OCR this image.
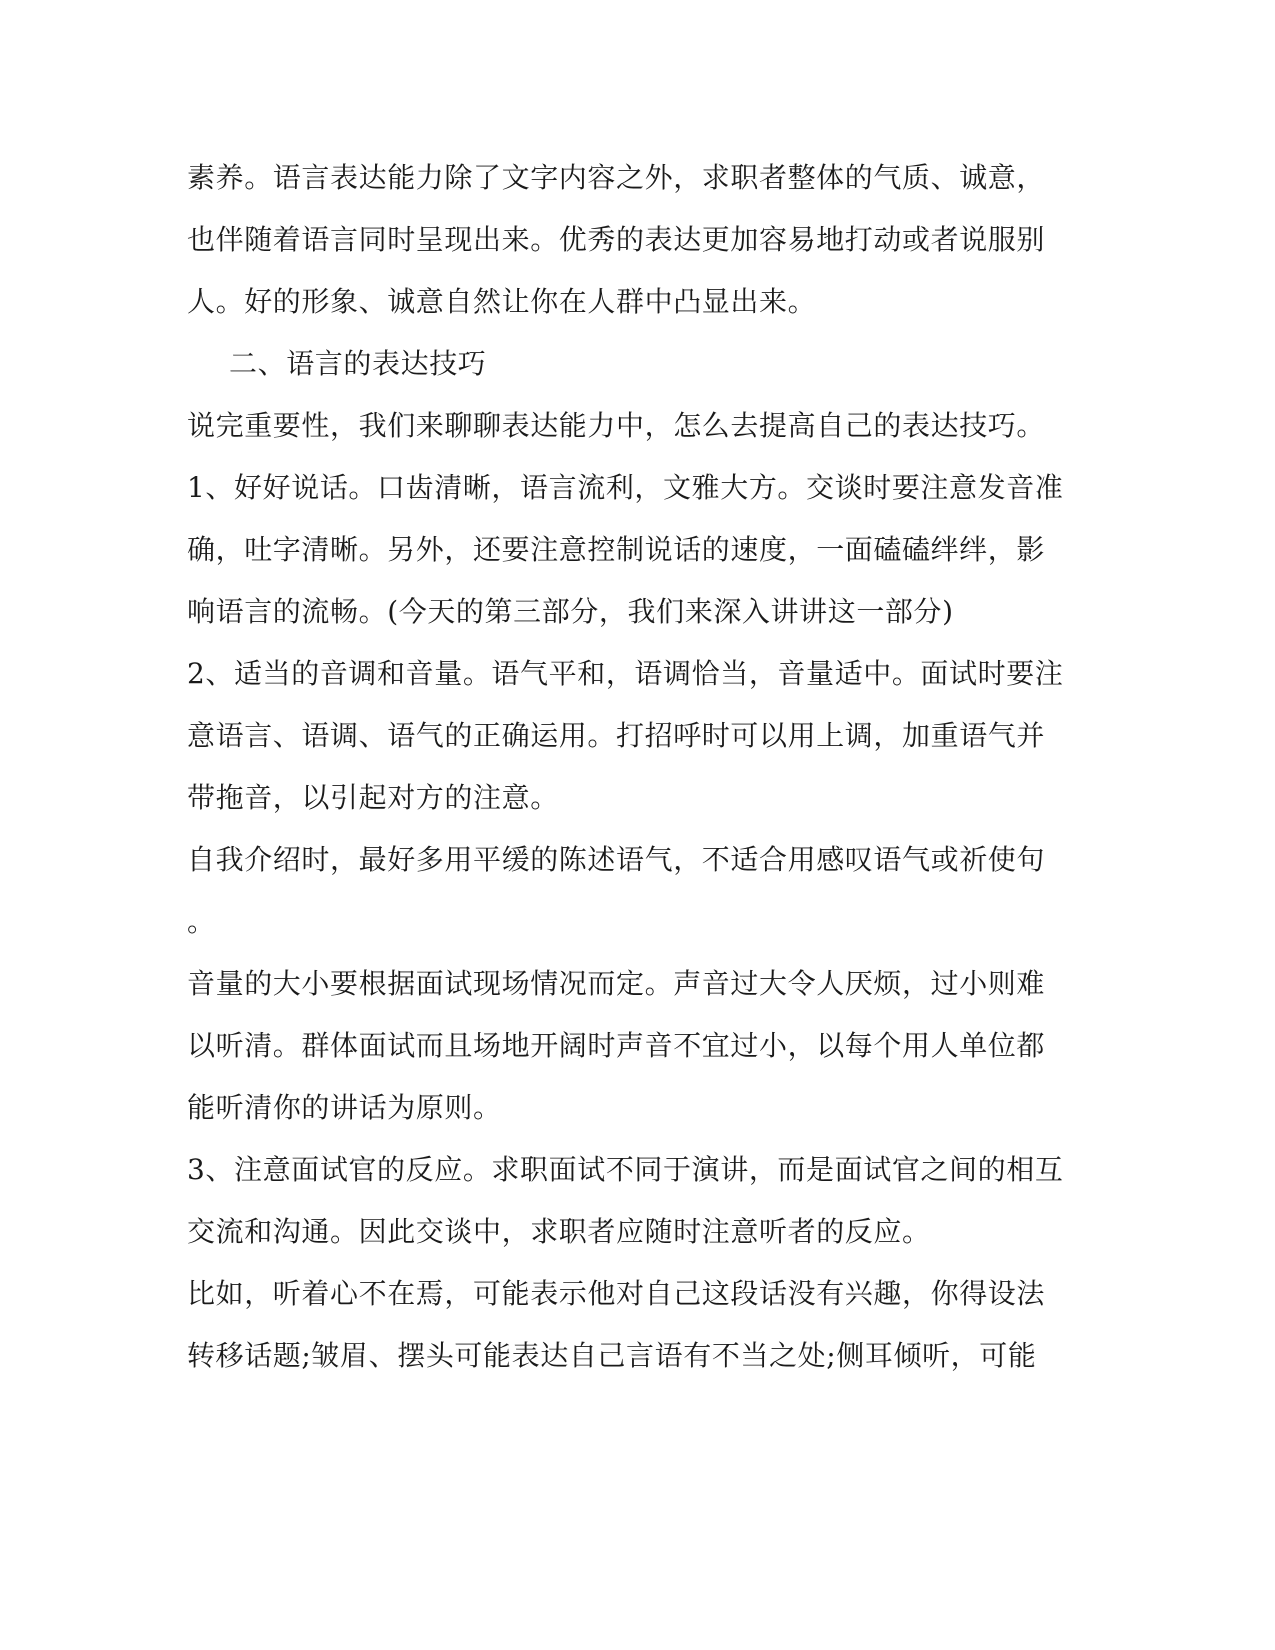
素养。语言表达能力除了文字内容之外，求职者整体的气质、诚意，
也伴随着语言同时呈现出来。优秀的表达更加容易地打动或者说服别
人。好的形象、诚意自然让你在人群中凸显出来。
二、语言的表达技巧
说完重要性，我们来聊聊表达能力中，怎么去提高自己的表达技巧。
1、好好说话。口齿清晰，语言流利，文雅大方。交谈时要注意发音准
确，吐字清晰。另外，还要注意控制说话的速度，一面磕磕绊绊，影
响语言的流畅。(今天的第三部分，我们来深入讲讲这一部分)
2、适当的音调和音量。语气平和，语调恰当，音量适中。面试时要注
意语言、语调、语气的正确运用。打招呼时可以用上调，加重语气并
带拖音，以引起对方的注意。
自我介绍时，最好多用平缓的陈述语气，不适合用感叹语气或祈使句
。
音量的大小要根据面试现场情况而定。声音过大令人厌烦，过小则难
以听清。群体面试而且场地开阔时声音不宜过小，以每个用人单位都
能听清你的讲话为原则。
3、注意面试官的反应。求职面试不同于演讲，而是面试官之间的相互
交流和沟通。因此交谈中，求职者应随时注意听者的反应。
比如，听着心不在焉，可能表示他对自己这段话没有兴趣，你得设法
转移话题;皱眉、摆头可能表达自己言语有不当之处;侧耳倾听，可能
